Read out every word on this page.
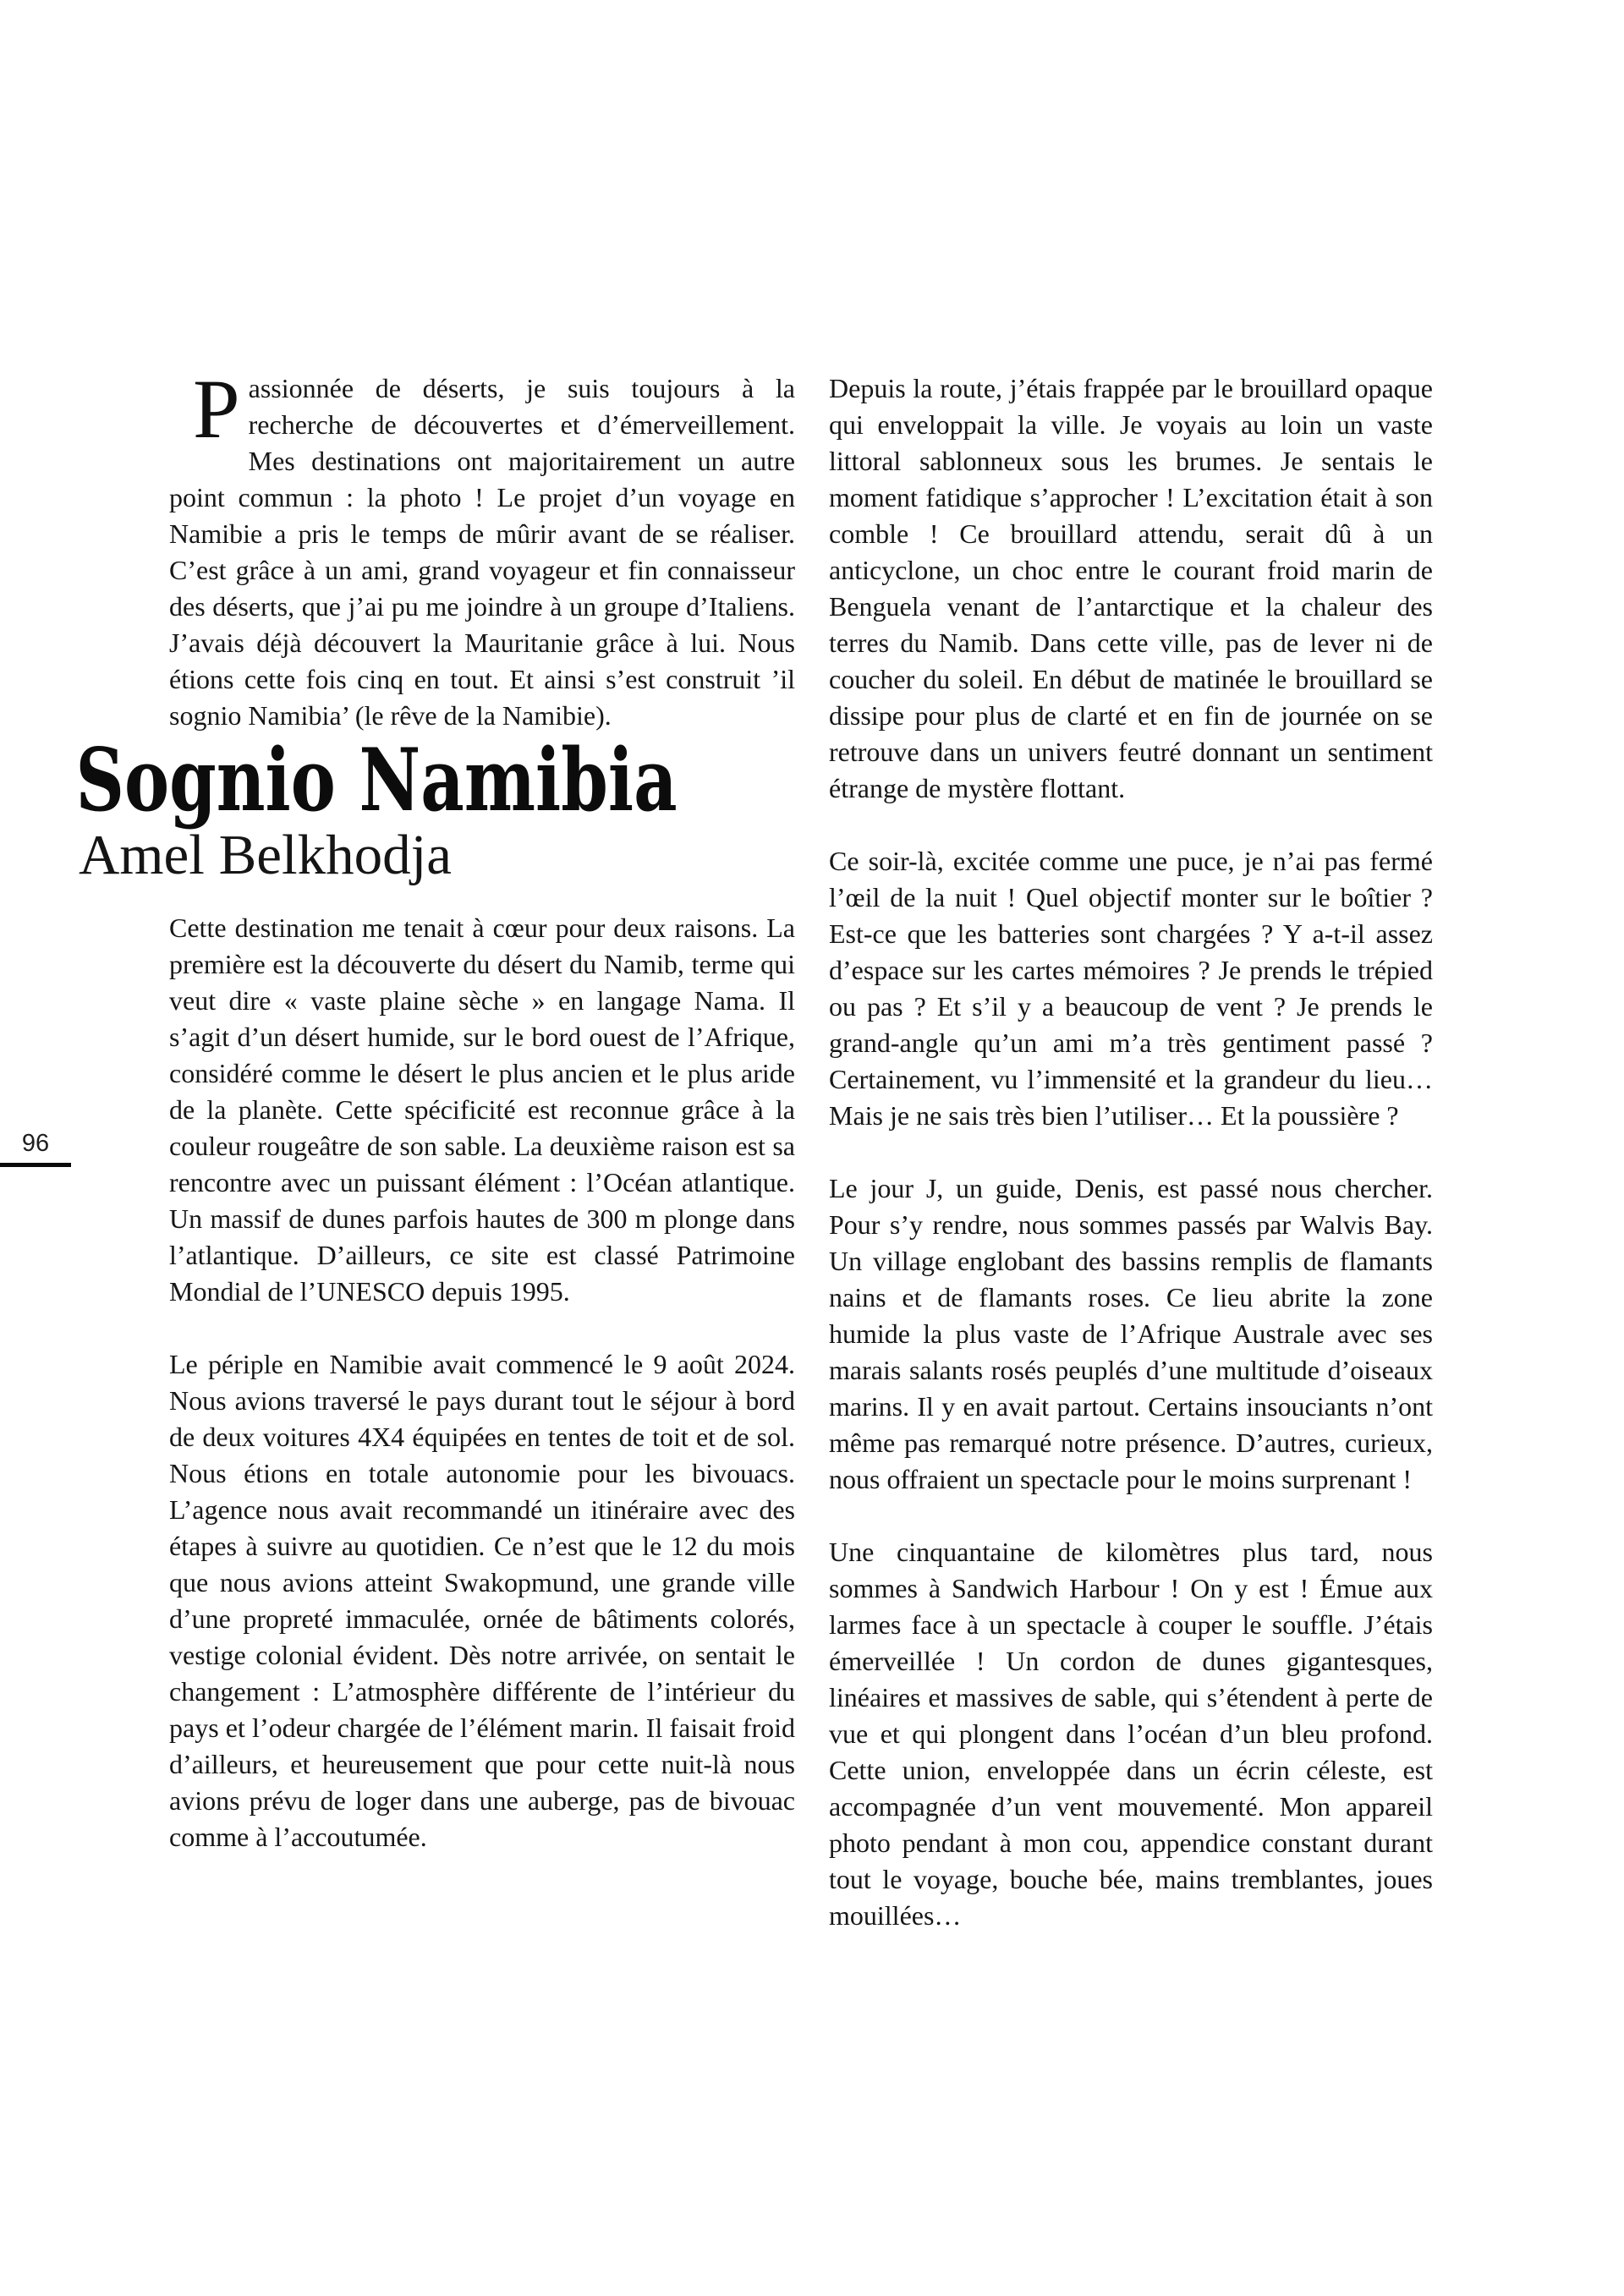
Passionnée de déserts, je suis toujours à la recherche de découvertes et d’émerveillement. Mes destinations ont majoritairement un autre point commun : la photo ! Le projet d’un voyage en Namibie a pris le temps de mûrir avant de se réaliser. C’est grâce à un ami, grand voyageur et fin connaisseur des déserts, que j’ai pu me joindre à un groupe d’Italiens. J’avais déjà découvert la Mauritanie grâce à lui. Nous étions cette fois cinq en tout. Et ainsi s’est construit ’il sognio Namibia’ (le rêve de la Namibie).

Sognio Namibia
Amel Belkhodja

Cette destination me tenait à cœur pour deux raisons. La première est la découverte du désert du Namib, terme qui veut dire « vaste plaine sèche » en langage Nama. Il s’agit d’un désert humide, sur le bord ouest de l’Afrique, considéré comme le désert le plus ancien et le plus aride de la planète. Cette spécificité est reconnue grâce à la couleur rougeâtre de son sable. La deuxième raison est sa rencontre avec un puissant élément : l’Océan atlantique. Un massif de dunes parfois hautes de 300 m plonge dans l’atlantique. D’ailleurs, ce site est classé Patrimoine Mondial de l’UNESCO depuis 1995.

Le périple en Namibie avait commencé le 9 août 2024. Nous avions traversé le pays durant tout le séjour à bord de deux voitures 4X4 équipées en tentes de toit et de sol. Nous étions en totale autonomie pour les bivouacs. L’agence nous avait recommandé un itinéraire avec des étapes à suivre au quotidien. Ce n’est que le 12 du mois que nous avions atteint Swakopmund, une grande ville d’une propreté immaculée, ornée de bâtiments colorés, vestige colonial évident. Dès notre arrivée, on sentait le changement : L’atmosphère différente de l’intérieur du pays et l’odeur chargée de l’élément marin. Il faisait froid d’ailleurs, et heureusement que pour cette nuit-là nous avions prévu de loger dans une auberge, pas de bivouac comme à l’accoutumée.

Depuis la route, j’étais frappée par le brouillard opaque qui enveloppait la ville. Je voyais au loin un vaste littoral sablonneux sous les brumes. Je sentais le moment fatidique s’approcher ! L’excitation était à son comble ! Ce brouillard attendu, serait dû à un anticyclone, un choc entre le courant froid marin de Benguela venant de l’antarctique et la chaleur des terres du Namib. Dans cette ville, pas de lever ni de coucher du soleil. En début de matinée le brouillard se dissipe pour plus de clarté et en fin de journée on se retrouve dans un univers feutré donnant un sentiment étrange de mystère flottant.

Ce soir-là, excitée comme une puce, je n’ai pas fermé l’œil de la nuit ! Quel objectif monter sur le boîtier ? Est-ce que les batteries sont chargées ? Y a-t-il assez d’espace sur les cartes mémoires ? Je prends le trépied ou pas ? Et s’il y a beaucoup de vent ? Je prends le grand-angle qu’un ami m’a très gentiment passé ? Certainement, vu l’immensité et la grandeur du lieu… Mais je ne sais très bien l’utiliser… Et la poussière ?

Le jour J, un guide, Denis, est passé nous chercher. Pour s’y rendre, nous sommes passés par Walvis Bay. Un village englobant des bassins remplis de flamants nains et de flamants roses. Ce lieu abrite la zone humide la plus vaste de l’Afrique Australe avec ses marais salants rosés peuplés d’une multitude d’oiseaux marins. Il y en avait partout. Certains insouciants n’ont même pas remarqué notre présence. D’autres, curieux, nous offraient un spectacle pour le moins surprenant !

Une cinquantaine de kilomètres plus tard, nous sommes à Sandwich Harbour ! On y est ! Émue aux larmes face à un spectacle à couper le souffle. J’étais émerveillée ! Un cordon de dunes gigantesques, linéaires et massives de sable, qui s’étendent à perte de vue et qui plongent dans l’océan d’un bleu profond. Cette union, enveloppée dans un écrin céleste, est accompagnée d’un vent mouvementé. Mon appareil photo pendant à mon cou, appendice constant durant tout le voyage, bouche bée, mains tremblantes, joues mouillées…

96
